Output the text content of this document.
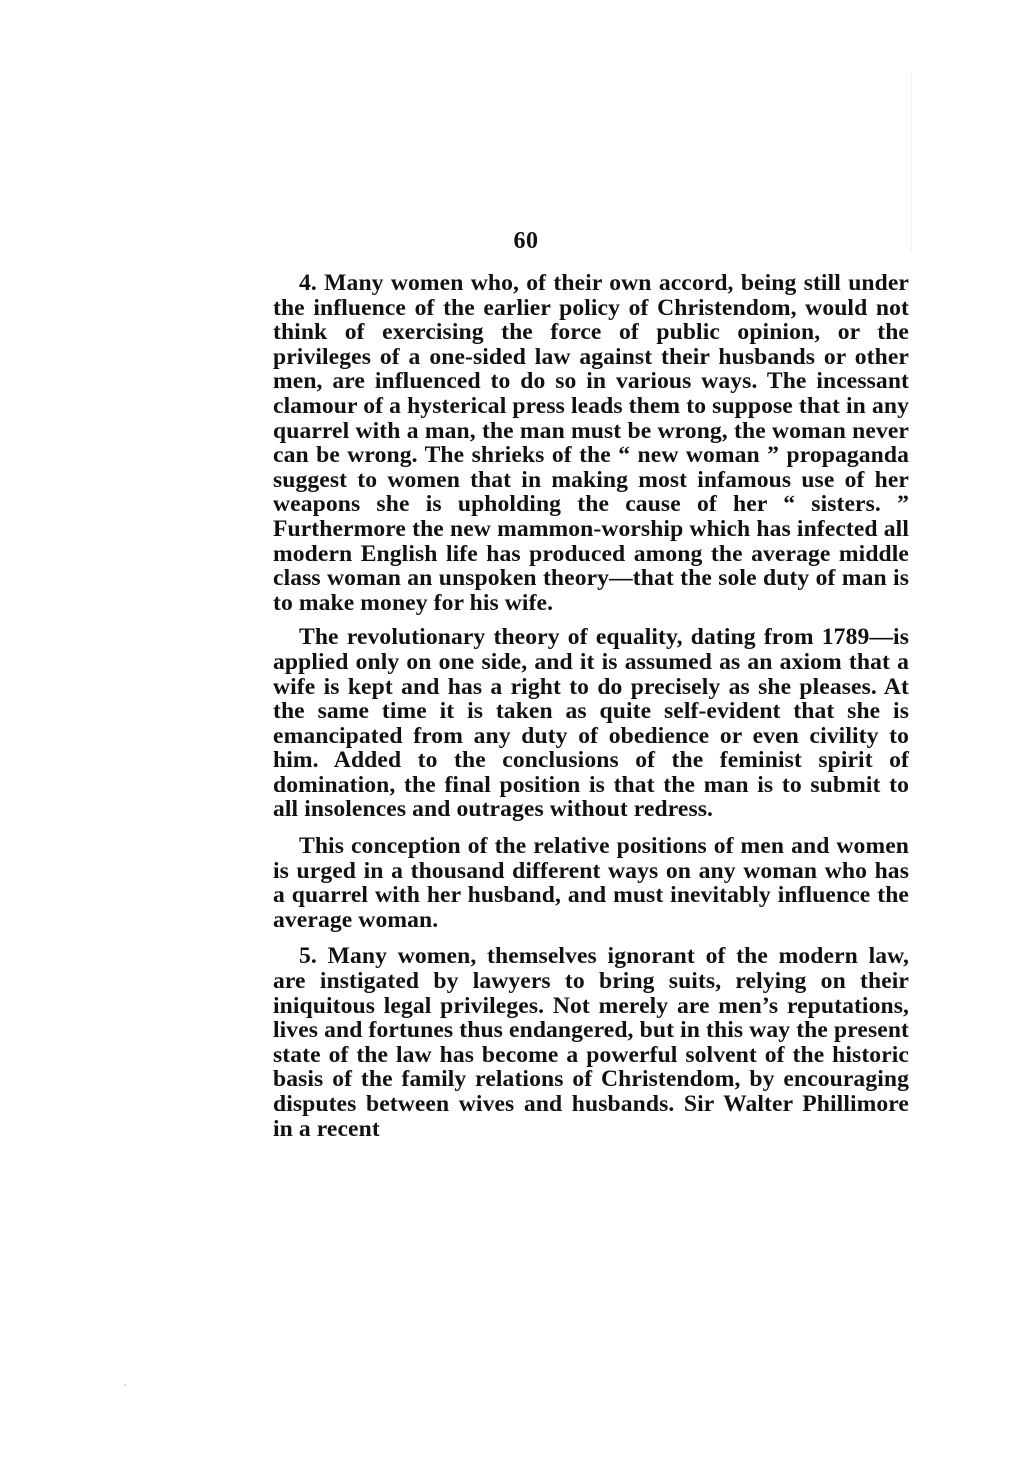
60

4. Many women who, of their own accord, being still under the influence of the earlier policy of Christendom, would not think of exercising the force of public opinion, or the privileges of a one-sided law against their husbands or other men, are influenced to do so in various ways. The incessant clamour of a hysterical press leads them to suppose that in any quarrel with a man, the man must be wrong, the woman never can be wrong. The shrieks of the “ new woman ” propaganda suggest to women that in making most infamous use of her weapons she is upholding the cause of her “ sisters. ” Furthermore the new mammon-worship which has infected all modern English life has produced among the average middle class woman an unspoken theory—that the sole duty of man is to make money for his wife.

The revolutionary theory of equality, dating from 1789—is applied only on one side, and it is assumed as an axiom that a wife is kept and has a right to do precisely as she pleases. At the same time it is taken as quite self-evident that she is emancipated from any duty of obedience or even civility to him. Added to the conclusions of the feminist spirit of domination, the final position is that the man is to submit to all insolences and outrages without redress.

This conception of the relative positions of men and women is urged in a thousand different ways on any woman who has a quarrel with her husband, and must inevitably influence the average woman.

5. Many women, themselves ignorant of the modern law, are instigated by lawyers to bring suits, relying on their iniquitous legal privileges. Not merely are men’s reputations, lives and fortunes thus endangered, but in this way the present state of the law has become a powerful solvent of the historic basis of the family relations of Christendom, by encouraging disputes between wives and husbands. Sir Walter Phillimore in a recent
